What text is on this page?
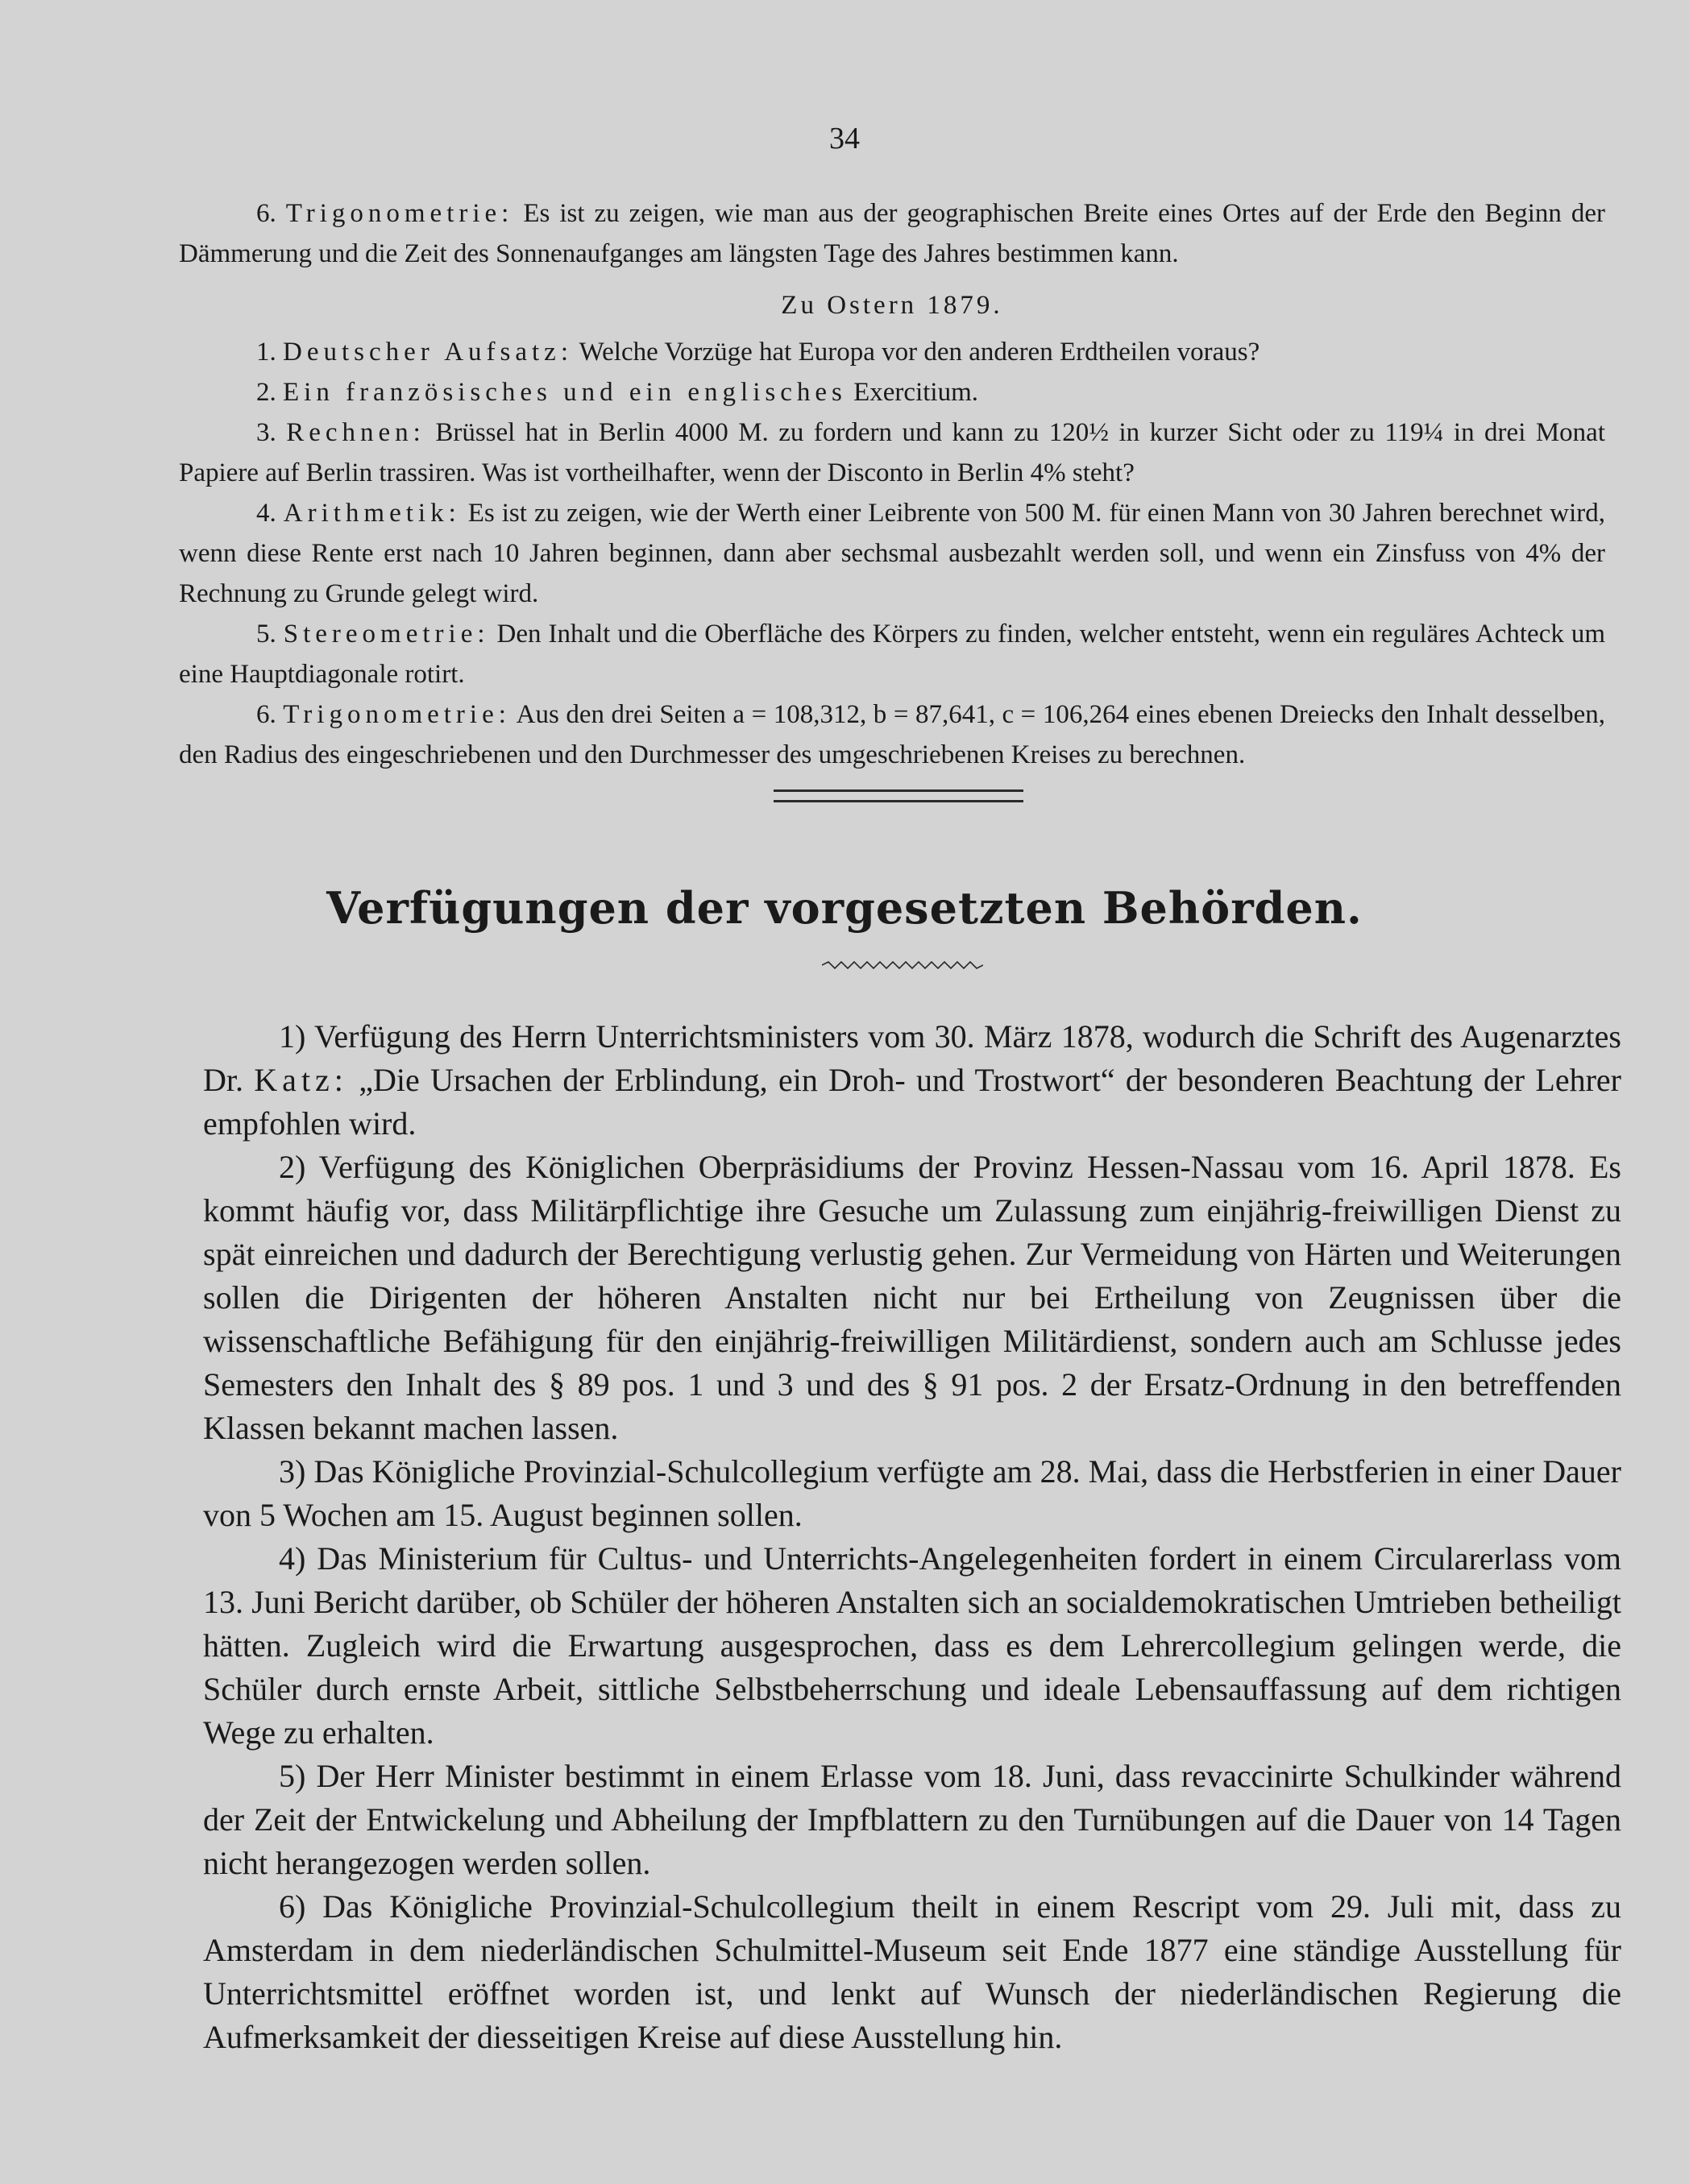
34

6. Trigonometrie: Es ist zu zeigen, wie man aus der geographischen Breite eines Ortes auf der Erde den Beginn der Dämmerung und die Zeit des Sonnenaufganges am längsten Tage des Jahres bestimmen kann.

Zu Ostern 1879.

1. Deutscher Aufsatz: Welche Vorzüge hat Europa vor den anderen Erdtheilen voraus?

2. Ein französisches und ein englisches Exercitium.

3. Rechnen: Brüssel hat in Berlin 4000 M. zu fordern und kann zu 120½ in kurzer Sicht oder zu 119¼ in drei Monat Papiere auf Berlin trassiren. Was ist vortheilhafter, wenn der Disconto in Berlin 4% steht?

4. Arithmetik: Es ist zu zeigen, wie der Werth einer Leibrente von 500 M. für einen Mann von 30 Jahren berechnet wird, wenn diese Rente erst nach 10 Jahren beginnen, dann aber sechsmal ausbezahlt werden soll, und wenn ein Zinsfuss von 4% der Rechnung zu Grunde gelegt wird.

5. Stereometrie: Den Inhalt und die Oberfläche des Körpers zu finden, welcher entsteht, wenn ein reguläres Achteck um eine Hauptdiagonale rotirt.

6. Trigonometrie: Aus den drei Seiten a = 108,312, b = 87,641, c = 106,264 eines ebenen Dreiecks den Inhalt desselben, den Radius des eingeschriebenen und den Durchmesser des umgeschriebenen Kreises zu berechnen.

Verfügungen der vorgesetzten Behörden.

1) Verfügung des Herrn Unterrichtsministers vom 30. März 1878, wodurch die Schrift des Augenarztes Dr. Katz: „Die Ursachen der Erblindung, ein Droh- und Trostwort“ der besonderen Beachtung der Lehrer empfohlen wird.

2) Verfügung des Königlichen Oberpräsidiums der Provinz Hessen-Nassau vom 16. April 1878. Es kommt häufig vor, dass Militärpflichtige ihre Gesuche um Zulassung zum einjährig-freiwilligen Dienst zu spät einreichen und dadurch der Berechtigung verlustig gehen. Zur Vermeidung von Härten und Weiterungen sollen die Dirigenten der höheren Anstalten nicht nur bei Ertheilung von Zeugnissen über die wissenschaftliche Befähigung für den einjährig-freiwilligen Militärdienst, sondern auch am Schlusse jedes Semesters den Inhalt des § 89 pos. 1 und 3 und des § 91 pos. 2 der Ersatz-Ordnung in den betreffenden Klassen bekannt machen lassen.

3) Das Königliche Provinzial-Schulcollegium verfügte am 28. Mai, dass die Herbstferien in einer Dauer von 5 Wochen am 15. August beginnen sollen.

4) Das Ministerium für Cultus- und Unterrichts-Angelegenheiten fordert in einem Circularerlass vom 13. Juni Bericht darüber, ob Schüler der höheren Anstalten sich an socialdemokratischen Umtrieben betheiligt hätten. Zugleich wird die Erwartung ausgesprochen, dass es dem Lehrercollegium gelingen werde, die Schüler durch ernste Arbeit, sittliche Selbstbeherrschung und ideale Lebensauffassung auf dem richtigen Wege zu erhalten.

5) Der Herr Minister bestimmt in einem Erlasse vom 18. Juni, dass revaccinirte Schulkinder während der Zeit der Entwickelung und Abheilung der Impfblattern zu den Turnübungen auf die Dauer von 14 Tagen nicht herangezogen werden sollen.

6) Das Königliche Provinzial-Schulcollegium theilt in einem Rescript vom 29. Juli mit, dass zu Amsterdam in dem niederländischen Schulmittel-Museum seit Ende 1877 eine ständige Ausstellung für Unterrichtsmittel eröffnet worden ist, und lenkt auf Wunsch der niederländischen Regierung die Aufmerksamkeit der diesseitigen Kreise auf diese Ausstellung hin.
